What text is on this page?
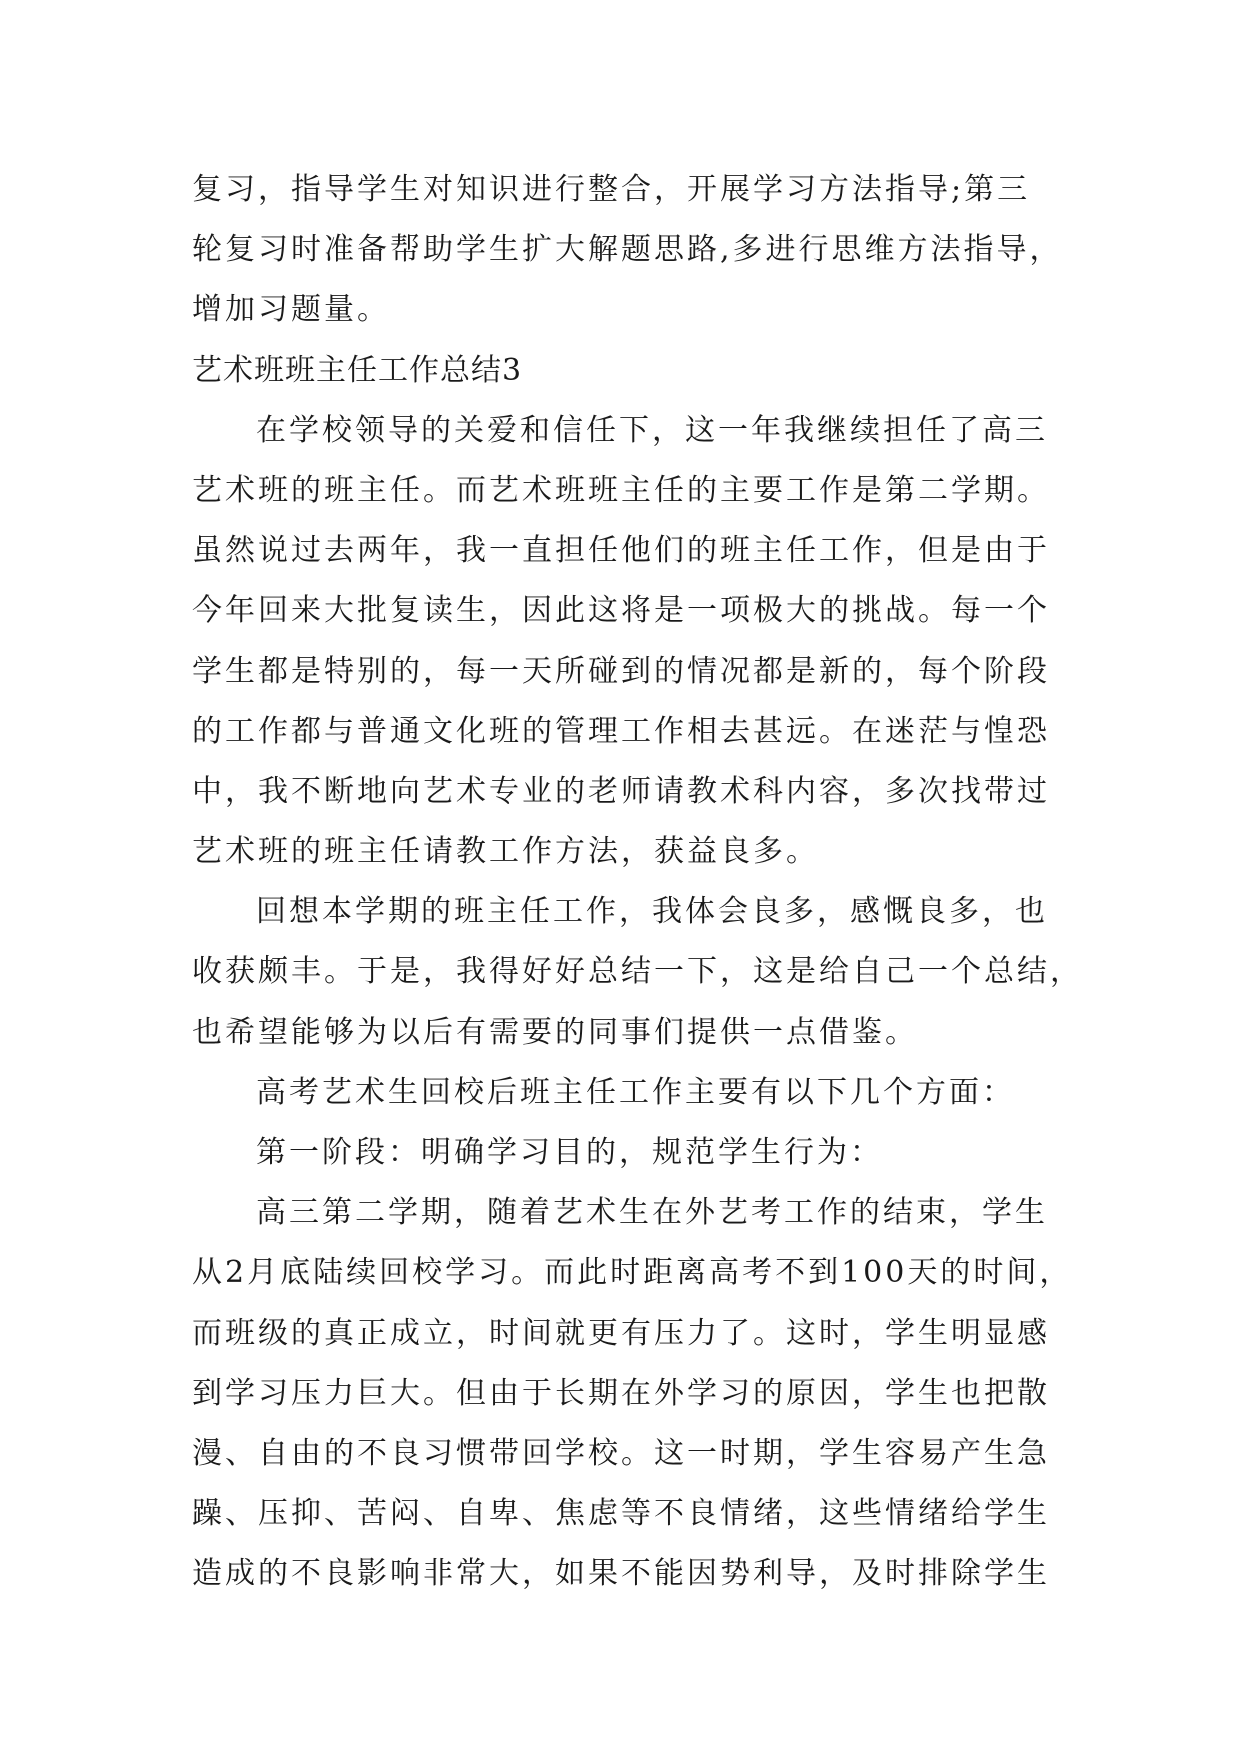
复习，指导学生对知识进行整合，开展学习方法指导;第三
轮复习时准备帮助学生扩大解题思路,多进行思维方法指导，
增加习题量。
艺术班班主任工作总结3
在学校领导的关爱和信任下，这一年我继续担任了高三
艺术班的班主任。而艺术班班主任的主要工作是第二学期。
虽然说过去两年，我一直担任他们的班主任工作，但是由于
今年回来大批复读生，因此这将是一项极大的挑战。每一个
学生都是特别的，每一天所碰到的情况都是新的，每个阶段
的工作都与普通文化班的管理工作相去甚远。在迷茫与惶恐
中，我不断地向艺术专业的老师请教术科内容，多次找带过
艺术班的班主任请教工作方法，获益良多。
回想本学期的班主任工作，我体会良多，感慨良多，也
收获颇丰。于是，我得好好总结一下，这是给自己一个总结，
也希望能够为以后有需要的同事们提供一点借鉴。
高考艺术生回校后班主任工作主要有以下几个方面：
第一阶段：明确学习目的，规范学生行为：
高三第二学期，随着艺术生在外艺考工作的结束，学生
从2月底陆续回校学习。而此时距离高考不到100天的时间，
而班级的真正成立，时间就更有压力了。这时，学生明显感
到学习压力巨大。但由于长期在外学习的原因，学生也把散
漫、自由的不良习惯带回学校。这一时期，学生容易产生急
躁、压抑、苦闷、自卑、焦虑等不良情绪，这些情绪给学生
造成的不良影响非常大，如果不能因势利导，及时排除学生
